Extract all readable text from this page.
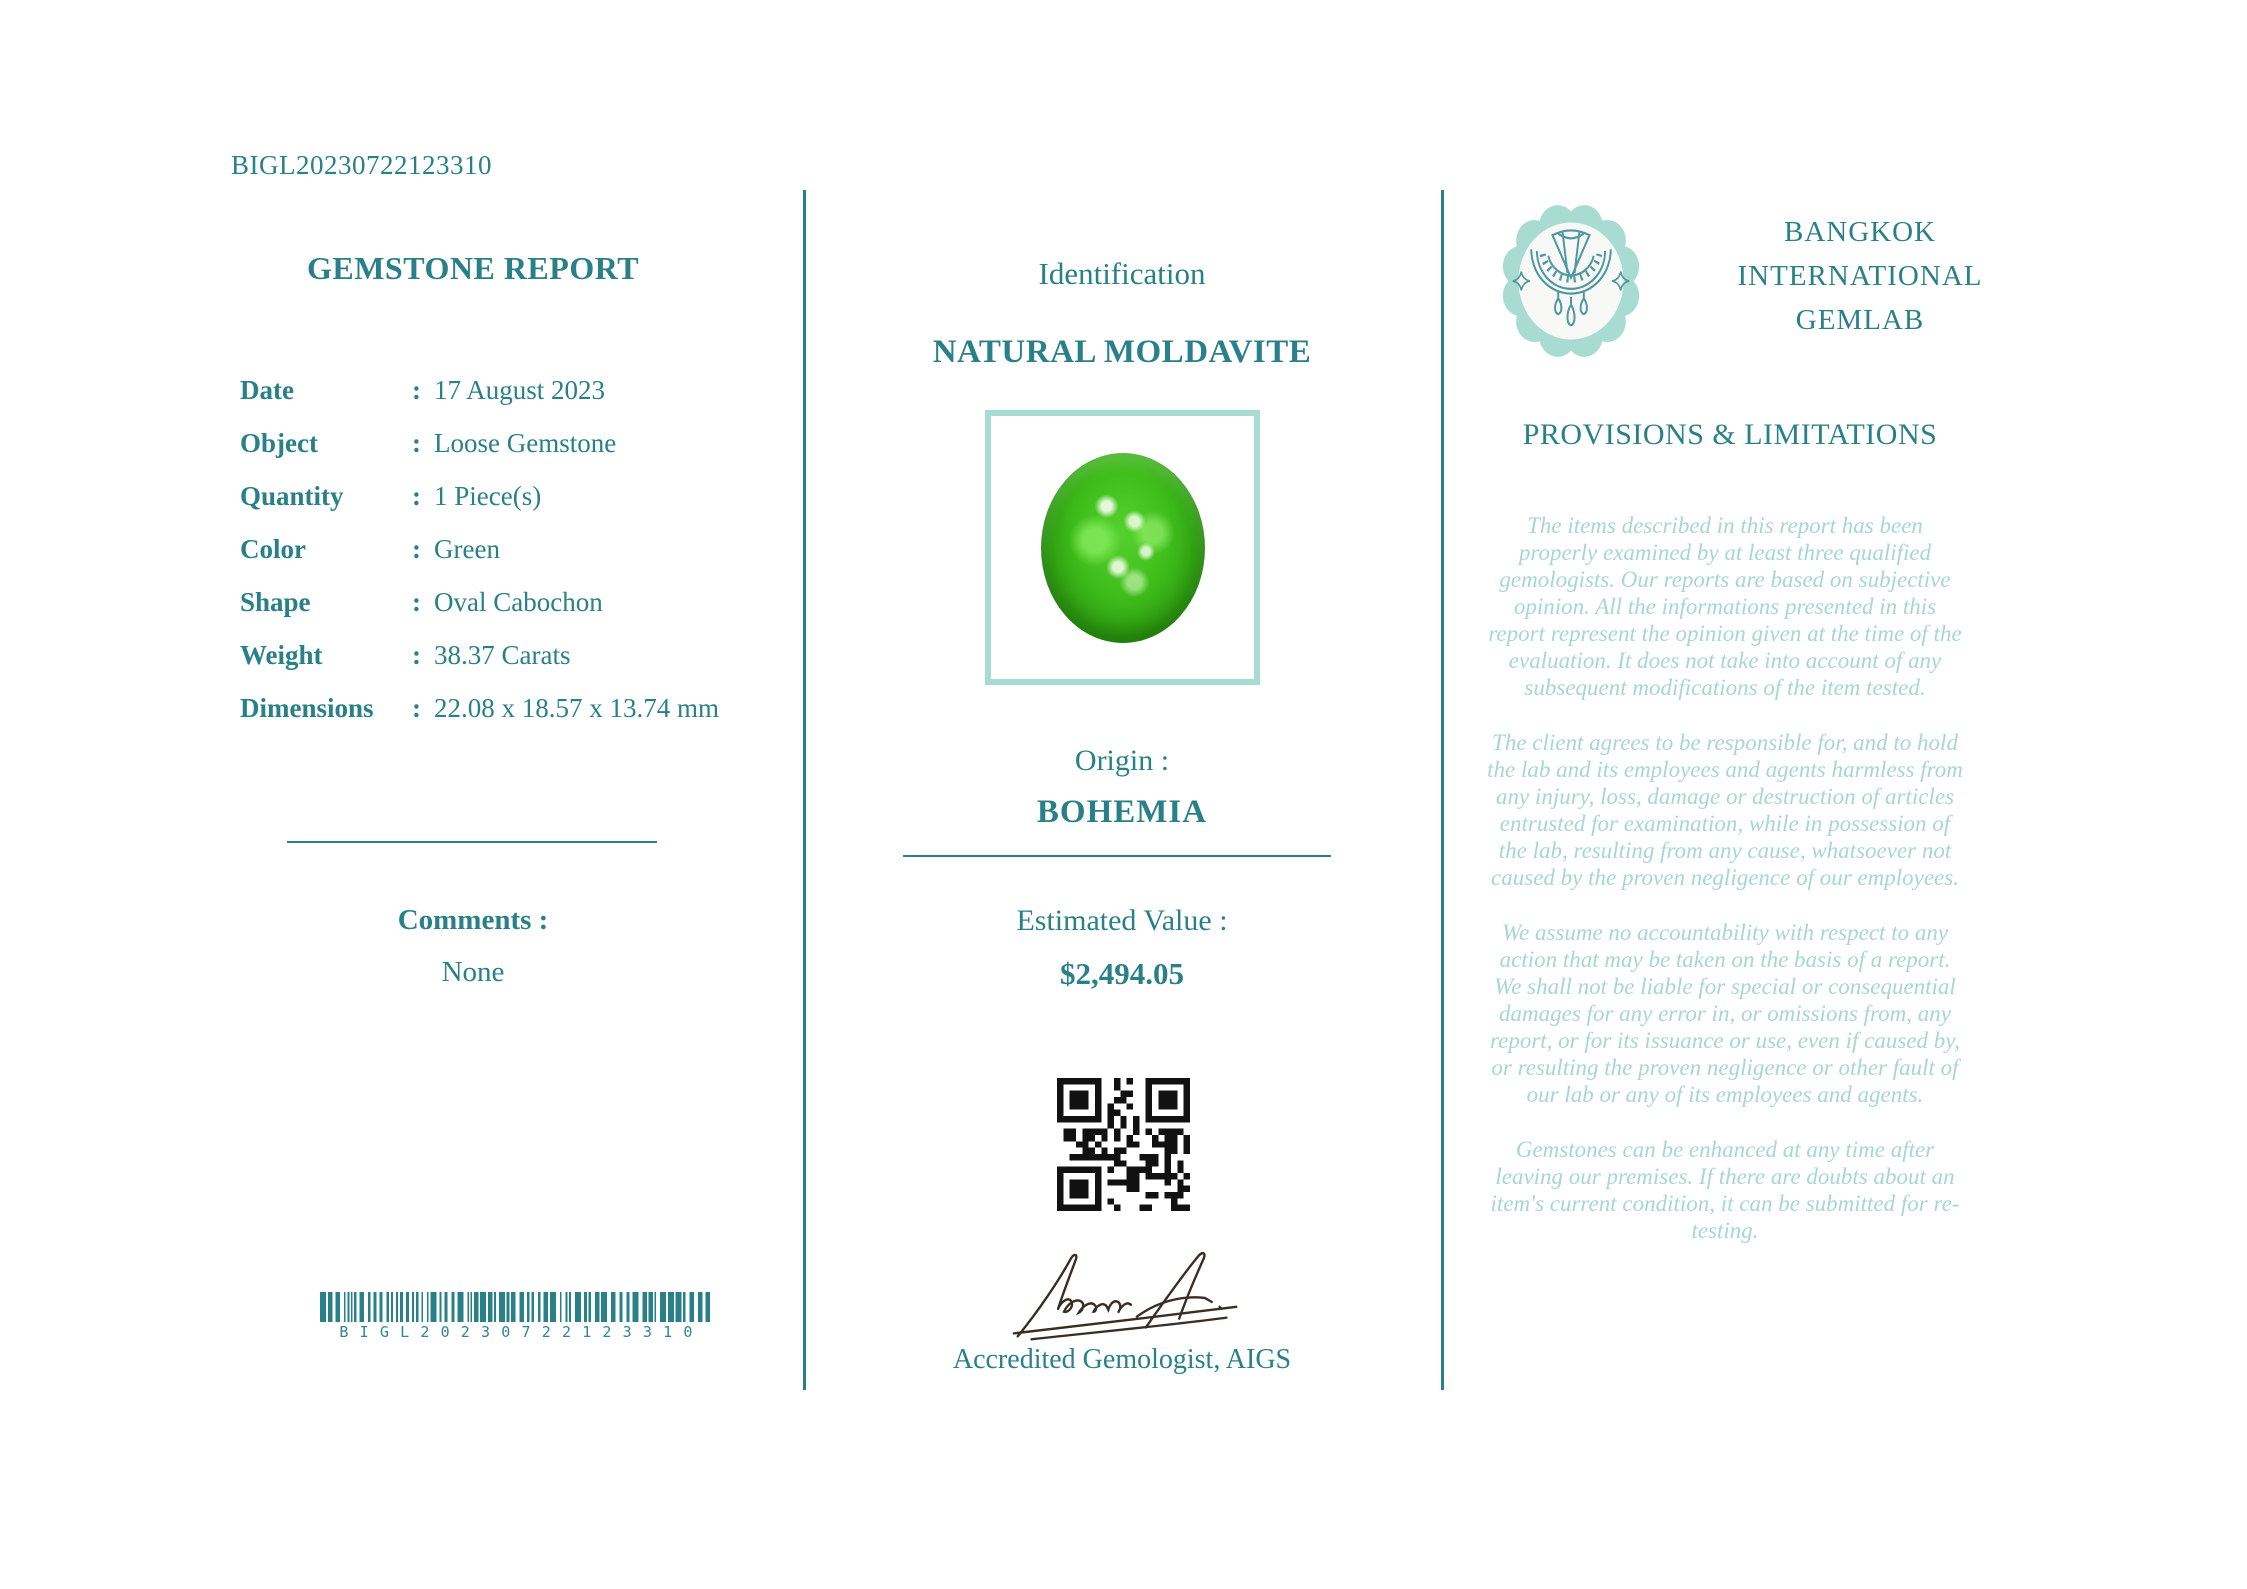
BIGL20230722123310
GEMSTONE REPORT
Date	: 17 August 2023
Object	: Loose Gemstone
Quantity	: 1 Piece(s)
Color	: Green
Shape	: Oval Cabochon
Weight	: 38.37 Carats
Dimensions	: 22.08 x 18.57 x 13.74 mm
Comments :
None
BIGL20230722123310
Identification
NATURAL MOLDAVITE
Origin :
BOHEMIA
Estimated Value :
$2,494.05
Accredited Gemologist, AIGS
BANGKOK INTERNATIONAL GEMLAB
PROVISIONS & LIMITATIONS

The items described in this report has been properly examined by at least three qualified gemologists. Our reports are based on subjective opinion. All the informations presented in this report represent the opinion given at the time of the evaluation. It does not take into account of any subsequent modifications of the item tested.

The client agrees to be responsible for, and to hold the lab and its employees and agents harmless from any injury, loss, damage or destruction of articles entrusted for examination, while in possession of the lab, resulting from any cause, whatsoever not caused by the proven negligence of our employees.

We assume no accountability with respect to any action that may be taken on the basis of a report. We shall not be liable for special or consequential damages for any error in, or omissions from, any report, or for its issuance or use, even if caused by, or resulting the proven negligence or other fault of our lab or any of its employees and agents.

Gemstones can be enhanced at any time after leaving our premises. If there are doubts about an item's current condition, it can be submitted for re-testing.
